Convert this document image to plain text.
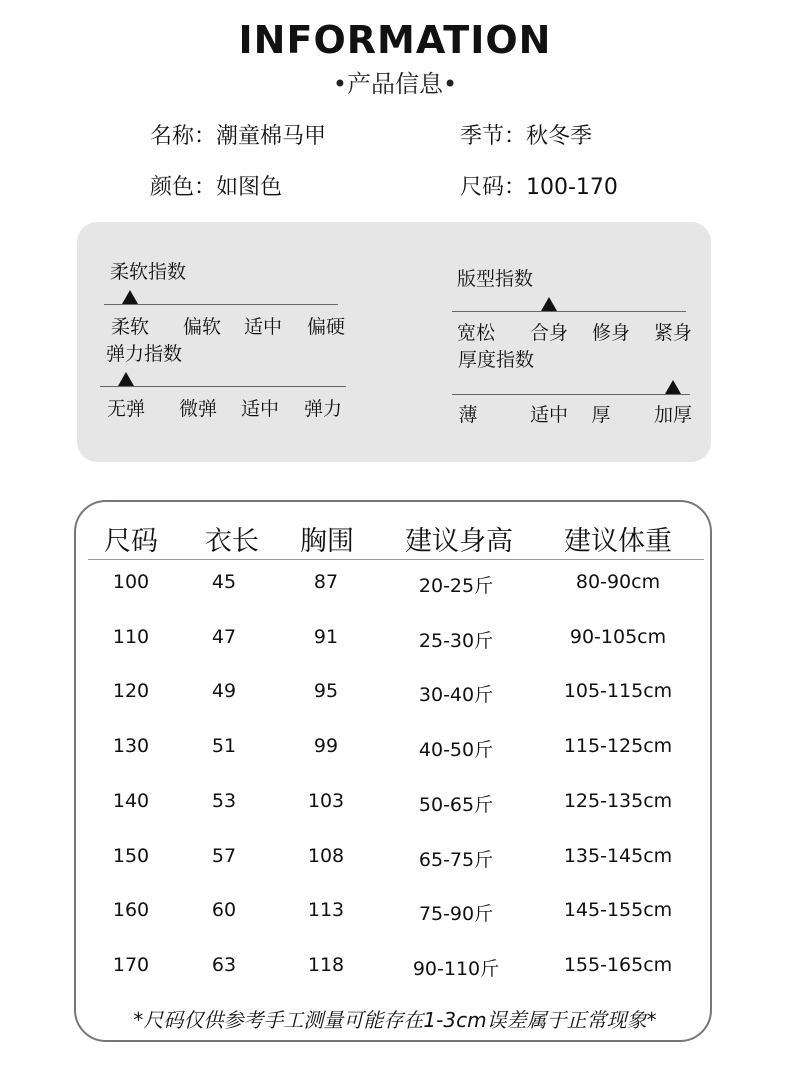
INFORMATION
•产品信息•
名称：潮童棉马甲	季节：秋冬季
颜色：如图色	尺码：100-170
柔软指数
柔软 偏软 适中 偏硬
弹力指数
无弹 微弹 适中 弹力
版型指数
宽松 合身 修身 紧身
厚度指数
薄	适中 厚 加厚
尺码 衣长 胸围 建议身高 建议体重
100	45	87	20-25斤	80-90cm
110	47	91	25-30斤	90-105cm
120	49	95	30-40斤	105-115cm
130	51	99	40-50斤	115-125cm
140	53	103	50-65斤	125-135cm
150	57	108	65-75斤	135-145cm
160	60	113	75-90斤	145-155cm
170	63	118	90-110斤	155-165cm
*尺码仅供参考手工测量可能存在1-3cm误差属于正常现象*
